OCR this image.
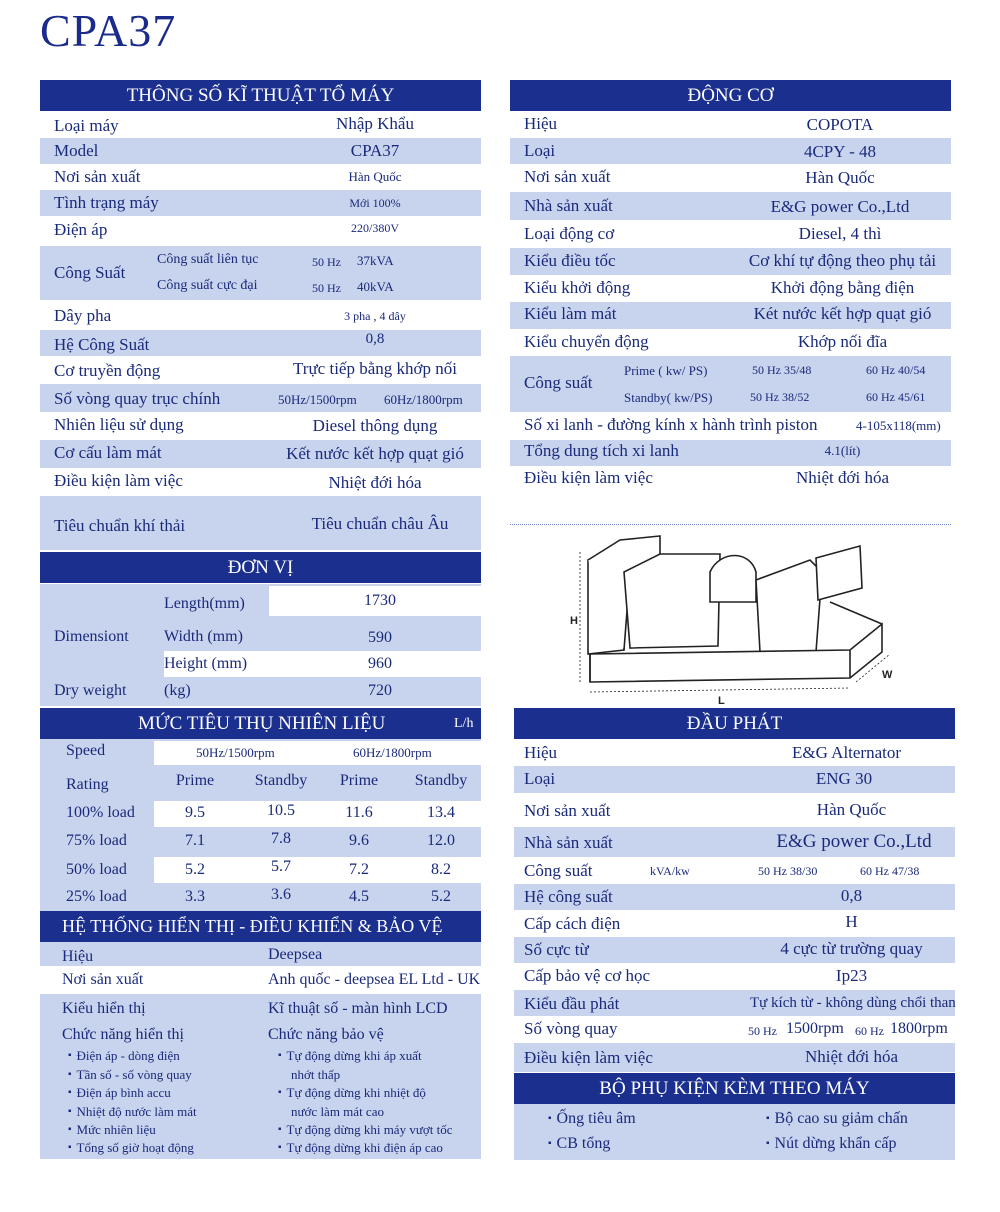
CPA37
THÔNG SỐ KĨ THUẬT TỔ MÁY
Loại máy	Nhập Khẩu
Model	CPA37
Nơi sản xuất	Hàn Quốc
Tình trạng máy	Mới 100%
Điện áp	220/380V
Công Suất
Công suất liên tục	50 Hz 37kVA
Công suất cực đại	50 Hz 40kVA
Dây pha	3 pha , 4 dây
Hệ Công Suất	0,8
Cơ truyền động	Trực tiếp bằng khớp nối
Số vòng quay trục chính	50Hz/1500rpm 60Hz/1800rpm
Nhiên liệu sử dụng	Diesel thông dụng
Cơ cấu làm mát	Kết nước kết hợp quạt gió
Điều kiện làm việc	Nhiệt đới hóa
Tiêu chuẩn khí thải	Tiêu chuẩn châu Âu
ĐỘNG CƠ
Hiệu	COPOTA
Loại	4CPY - 48
Nơi sản xuất	Hàn Quốc
Nhà sản xuất	E&G power Co.,Ltd
Loại động cơ	Diesel, 4 thì
Kiểu điều tốc	Cơ khí tự động theo phụ tải
Kiểu khởi động	Khởi động bằng điện
Kiểu làm mát	Két nước kết hợp quạt gió
Kiểu chuyển động	Khớp nối đĩa
Công suất
Prime ( kw/ PS)	50 Hz 35/48	60 Hz 40/54
Standby( kw/PS)	50 Hz 38/52	60 Hz 45/61
Số xi lanh - đường kính x hành trình piston	4-105x118(mm)
Tổng dung tích xi lanh	4.1(lít)
Điều kiện làm việc	Nhiệt đới hóa
H
L
W
ĐƠN VỊ
Dimensiont
Length(mm)	1730
Width (mm)	590
Height (mm)	960
Dry weight (kg)	720
MỨC TIÊU THỤ NHIÊN LIỆU	L/h
Speed	50Hz/1500rpm	60Hz/1800rpm
Rating	Prime	Standby	Prime	Standby
100% load	9.5	10.5	11.6	13.4
75% load	7.1	7.8	9.6	12.0
50% load	5.2	5.7	7.2	8.2
25% load	3.3	3.6	4.5	5.2
HỆ THỐNG HIỂN THỊ - ĐIỀU KHIỂN & BẢO VỆ
Hiệu	Deepsea
Nơi sản xuất	Anh quốc - deepsea EL Ltd - UK
Kiểu hiển thị	Kĩ thuật số - màn hình LCD
Chức năng hiển thị	Chức năng bảo vệ
▪ Điện áp - dòng điện
▪ Tần số - số vòng quay
▪ Điện áp bình accu
▪ Nhiệt độ nước làm mát
▪ Mức nhiên liệu
▪ Tổng số giờ hoạt động
▪ Tự động dừng khi áp xuất
nhớt thấp
▪ Tự động dừng khi nhiệt độ
nước làm mát cao
▪ Tự động dừng khi máy vượt tốc
▪ Tự động dừng khi điện áp cao
ĐẦU PHÁT
Hiệu	E&G Alternator
Loại	ENG 30
Nơi sản xuất	Hàn Quốc
Nhà sản xuất	E&G power Co.,Ltd
Công suất	kVA/kw	50 Hz 38/30	60 Hz 47/38
Hệ công suất	0,8
Cấp cách điện	H
Số cực từ	4 cực từ trường quay
Cấp bảo vệ cơ học	Ip23
Kiểu đầu phát	Tự kích từ - không dùng chổi than
Số vòng quay	50 Hz 1500rpm 60 Hz 1800rpm
Điều kiện làm việc	Nhiệt đới hóa
BỘ PHỤ KIỆN KÈM THEO MÁY
▪ Ống tiêu âm	▪ Bộ cao su giảm chấn
▪ CB tổng	▪ Nút dừng khẩn cấp
